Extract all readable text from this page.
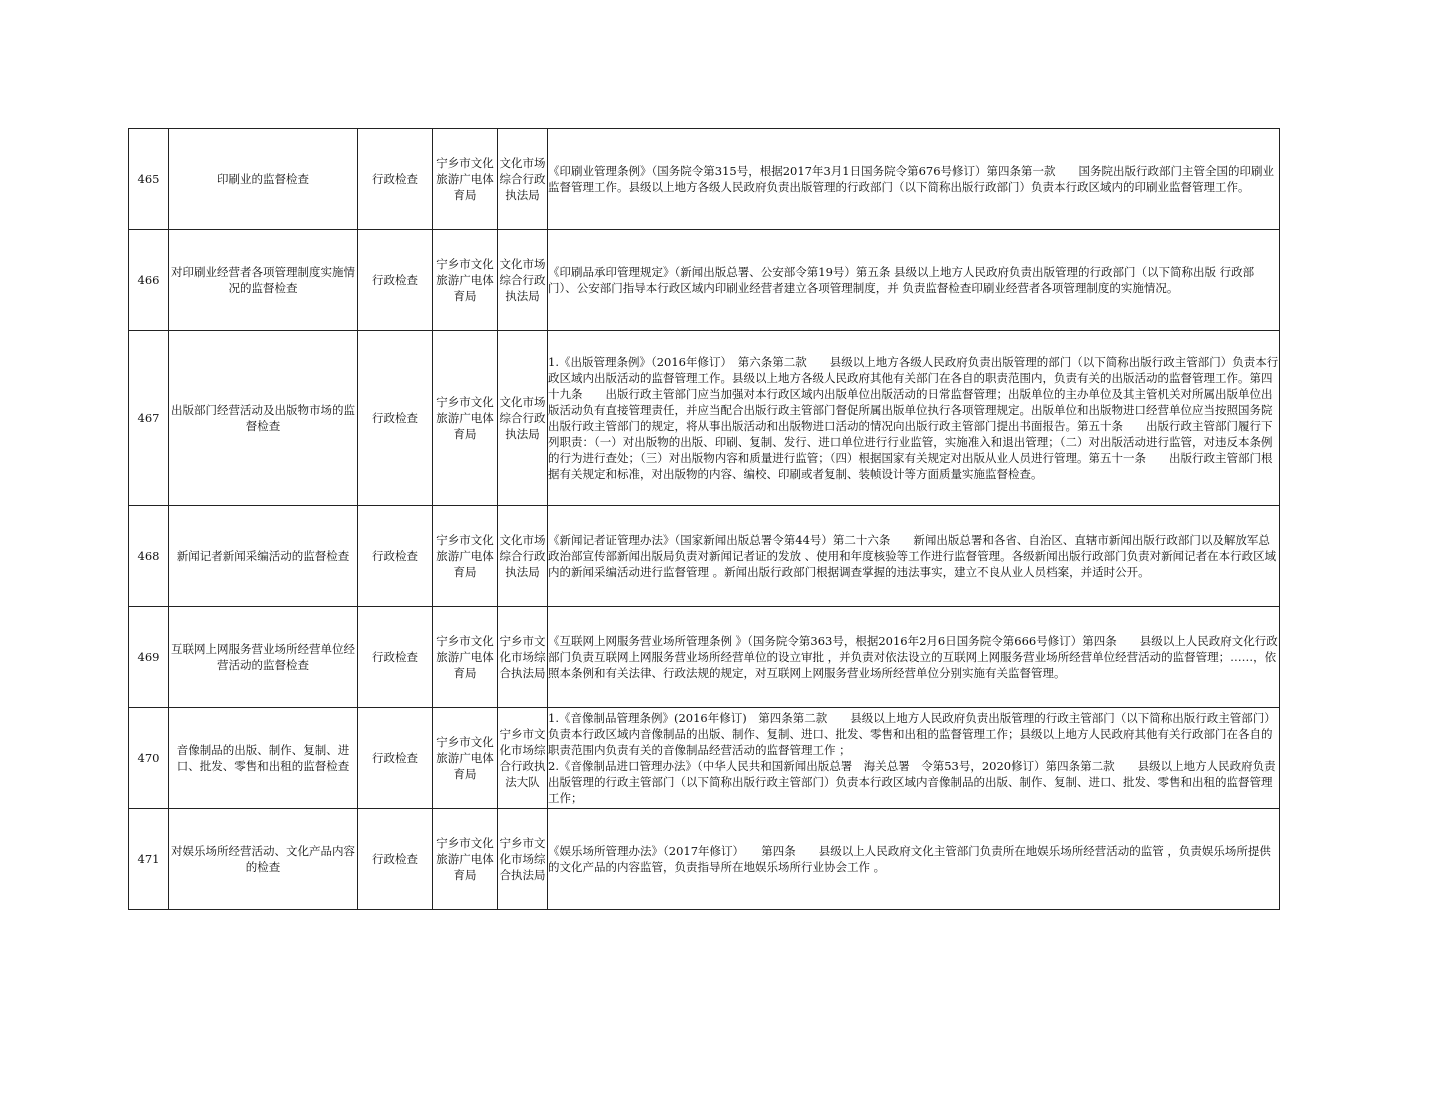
465	印刷业的监督检查	行政检查	宁乡市文化旅游广电体育局	文化市场综合行政执法局	《印刷业管理条例》（国务院令第315号，根据2017年3月1日国务院令第676号修订）第四条第一款　　国务院出版行政部门主管全国的印刷业监督管理工作。县级以上地方各级人民政府负责出版管理的行政部门（以下简称出版行政部门）负责本行政区域内的印刷业监督管理工作。
466	对印刷业经营者各项管理制度实施情况的监督检查	行政检查	宁乡市文化旅游广电体育局	文化市场综合行政执法局	《印刷品承印管理规定》（新闻出版总署、公安部令第19号）第五条 县级以上地方人民政府负责出版管理的行政部门（以下简称出版 行政部门）、公安部门指导本行政区域内印刷业经营者建立各项管理制度，并 负责监督检查印刷业经营者各项管理制度的实施情况。
467	出版部门经营活动及出版物市场的监督检查	行政检查	宁乡市文化旅游广电体育局	文化市场综合行政执法局	1.《出版管理条例》（2016年修订）　第六条第二款　　县级以上地方各级人民政府负责出版管理的部门（以下简称出版行政主管部门）负责本行政区域内出版活动的监督管理工作。县级以上地方各级人民政府其他有关部门在各自的职责范围内，负责有关的出版活动的监督管理工作。第四十九条　　出版行政主管部门应当加强对本行政区域内出版单位出版活动的日常监督管理；出版单位的主办单位及其主管机关对所属出版单位出版活动负有直接管理责任，并应当配合出版行政主管部门督促所属出版单位执行各项管理规定。出版单位和出版物进口经营单位应当按照国务院出版行政主管部门的规定，将从事出版活动和出版物进口活动的情况向出版行政主管部门提出书面报告。第五十条　　出版行政主管部门履行下列职责：（一）对出版物的出版、印刷、复制、发行、进口单位进行行业监管，实施准入和退出管理；（二）对出版活动进行监管，对违反本条例的行为进行查处；（三）对出版物内容和质量进行监管；（四）根据国家有关规定对出版从业人员进行管理。第五十一条　　出版行政主管部门根据有关规定和标准，对出版物的内容、编校、印刷或者复制、装帧设计等方面质量实施监督检查。
468	新闻记者新闻采编活动的监督检查	行政检查	宁乡市文化旅游广电体育局	文化市场综合行政执法局	《新闻记者证管理办法》（国家新闻出版总署令第44号）第二十六条　　新闻出版总署和各省、自治区、直辖市新闻出版行政部门以及解放军总政治部宣传部新闻出版局负责对新闻记者证的发放 、使用和年度核验等工作进行监督管理。各级新闻出版行政部门负责对新闻记者在本行政区域内的新闻采编活动进行监督管理 。新闻出版行政部门根据调查掌握的违法事实，建立不良从业人员档案，并适时公开。
469	互联网上网服务营业场所经营单位经营活动的监督检查	行政检查	宁乡市文化旅游广电体育局	宁乡市文化市场综合执法局	《互联网上网服务营业场所管理条例 》（国务院令第363号，根据2016年2月6日国务院令第666号修订）第四条　　县级以上人民政府文化行政部门负责互联网上网服务营业场所经营单位的设立审批 ，并负责对依法设立的互联网上网服务营业场所经营单位经营活动的监督管理；……，依照本条例和有关法律、行政法规的规定，对互联网上网服务营业场所经营单位分别实施有关监督管理。
470	音像制品的出版、制作、复制、进口、批发、零售和出租的监督检查	行政检查	宁乡市文化旅游广电体育局	宁乡市文化市场综合行政执法大队	1.《音像制品管理条例》(2016年修订)　第四条第二款　　县级以上地方人民政府负责出版管理的行政主管部门（以下简称出版行政主管部门）负责本行政区域内音像制品的出版、制作、复制、进口、批发、零售和出租的监督管理工作；县级以上地方人民政府其他有关行政部门在各自的职责范围内负责有关的音像制品经营活动的监督管理工作 ；
2.《音像制品进口管理办法》（中华人民共和国新闻出版总署　海关总署　令第53号，2020修订）第四条第二款　　县级以上地方人民政府负责出版管理的行政主管部门（以下简称出版行政主管部门）负责本行政区域内音像制品的出版、制作、复制、进口、批发、零售和出租的监督管理工作；
471	对娱乐场所经营活动、文化产品内容的检查	行政检查	宁乡市文化旅游广电体育局	宁乡市文化市场综合执法局	《娱乐场所管理办法》（2017年修订）　　第四条　　县级以上人民政府文化主管部门负责所在地娱乐场所经营活动的监管 ，负责娱乐场所提供的文化产品的内容监管，负责指导所在地娱乐场所行业协会工作 。
